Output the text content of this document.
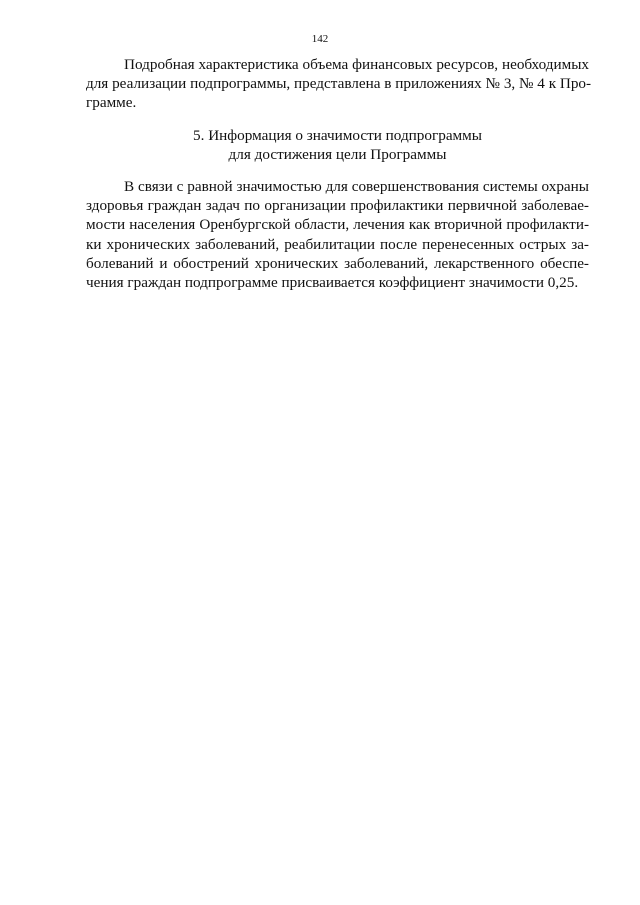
142
Подробная характеристика объема финансовых ресурсов, необходимых
для реализации подпрограммы, представлена в приложениях № 3, № 4 к Про-
грамме.
5. Информация о значимости подпрограммы
для достижения цели Программы
В связи с равной значимостью для совершенствования системы охраны
здоровья граждан задач по организации профилактики первичной заболевае-
мости населения Оренбургской области, лечения как вторичной профилакти-
ки хронических заболеваний, реабилитации после перенесенных острых за-
болеваний и обострений хронических заболеваний, лекарственного обеспе-
чения граждан подпрограмме присваивается коэффициент значимости 0,25.
